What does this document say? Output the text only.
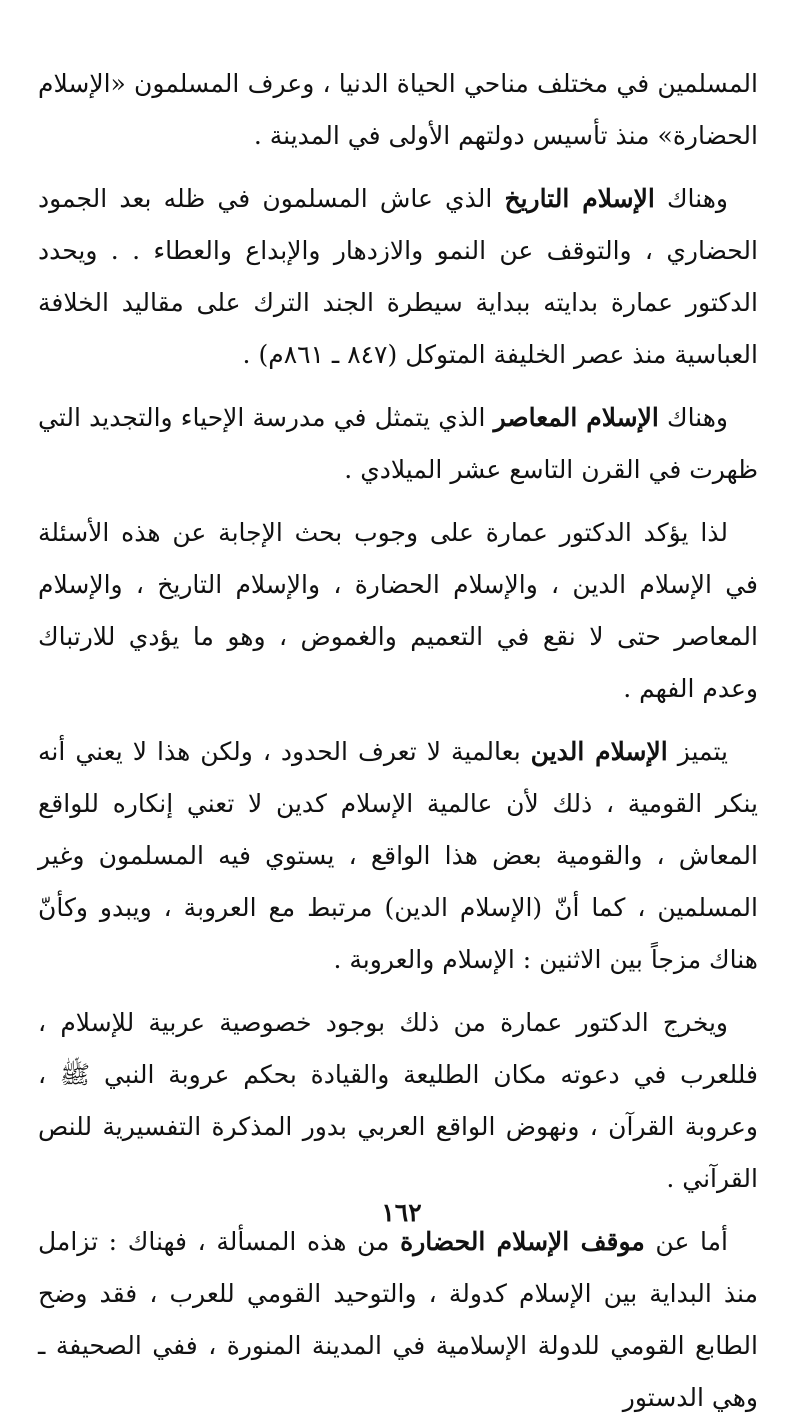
المسلمين في مختلف مناحي الحياة الدنيا ، وعرف المسلمون «الإسلام الحضارة» منذ تأسيس دولتهم الأولى في المدينة .

وهناك الإسلام التاريخ الذي عاش المسلمون في ظله بعد الجمود الحضاري ، والتوقف عن النمو والازدهار والإبداع والعطاء . . ويحدد الدكتور عمارة بدايته ببداية سيطرة الجند الترك على مقاليد الخلافة العباسية منذ عصر الخليفة المتوكل (٨٤٧ ـ ٨٦١م) .

وهناك الإسلام المعاصر الذي يتمثل في مدرسة الإحياء والتجديد التي ظهرت في القرن التاسع عشر الميلادي .

لذا يؤكد الدكتور عمارة على وجوب بحث الإجابة عن هذه الأسئلة في الإسلام الدين ، والإسلام الحضارة ، والإسلام التاريخ ، والإسلام المعاصر حتى لا نقع في التعميم والغموض ، وهو ما يؤدي للارتباك وعدم الفهم .

يتميز الإسلام الدين بعالمية لا تعرف الحدود ، ولكن هذا لا يعني أنه ينكر القومية ، ذلك لأن عالمية الإسلام كدين لا تعني إنكاره للواقع المعاش ، والقومية بعض هذا الواقع ، يستوي فيه المسلمون وغير المسلمين ، كما أنّ (الإسلام الدين) مرتبط مع العروبة ، ويبدو وكأنّ هناك مزجاً بين الاثنين : الإسلام والعروبة .

ويخرج الدكتور عمارة من ذلك بوجود خصوصية عربية للإسلام ، فللعرب في دعوته مكان الطليعة والقيادة بحكم عروبة النبي ﷺ ، وعروبة القرآن ، ونهوض الواقع العربي بدور المذكرة التفسيرية للنص القرآني .

أما عن موقف الإسلام الحضارة من هذه المسألة ، فهناك : تزامل منذ البداية بين الإسلام كدولة ، والتوحيد القومي للعرب ، فقد وضح الطابع القومي للدولة الإسلامية في المدينة المنورة ، ففي الصحيفة ـ وهي الدستور

١٦٢
